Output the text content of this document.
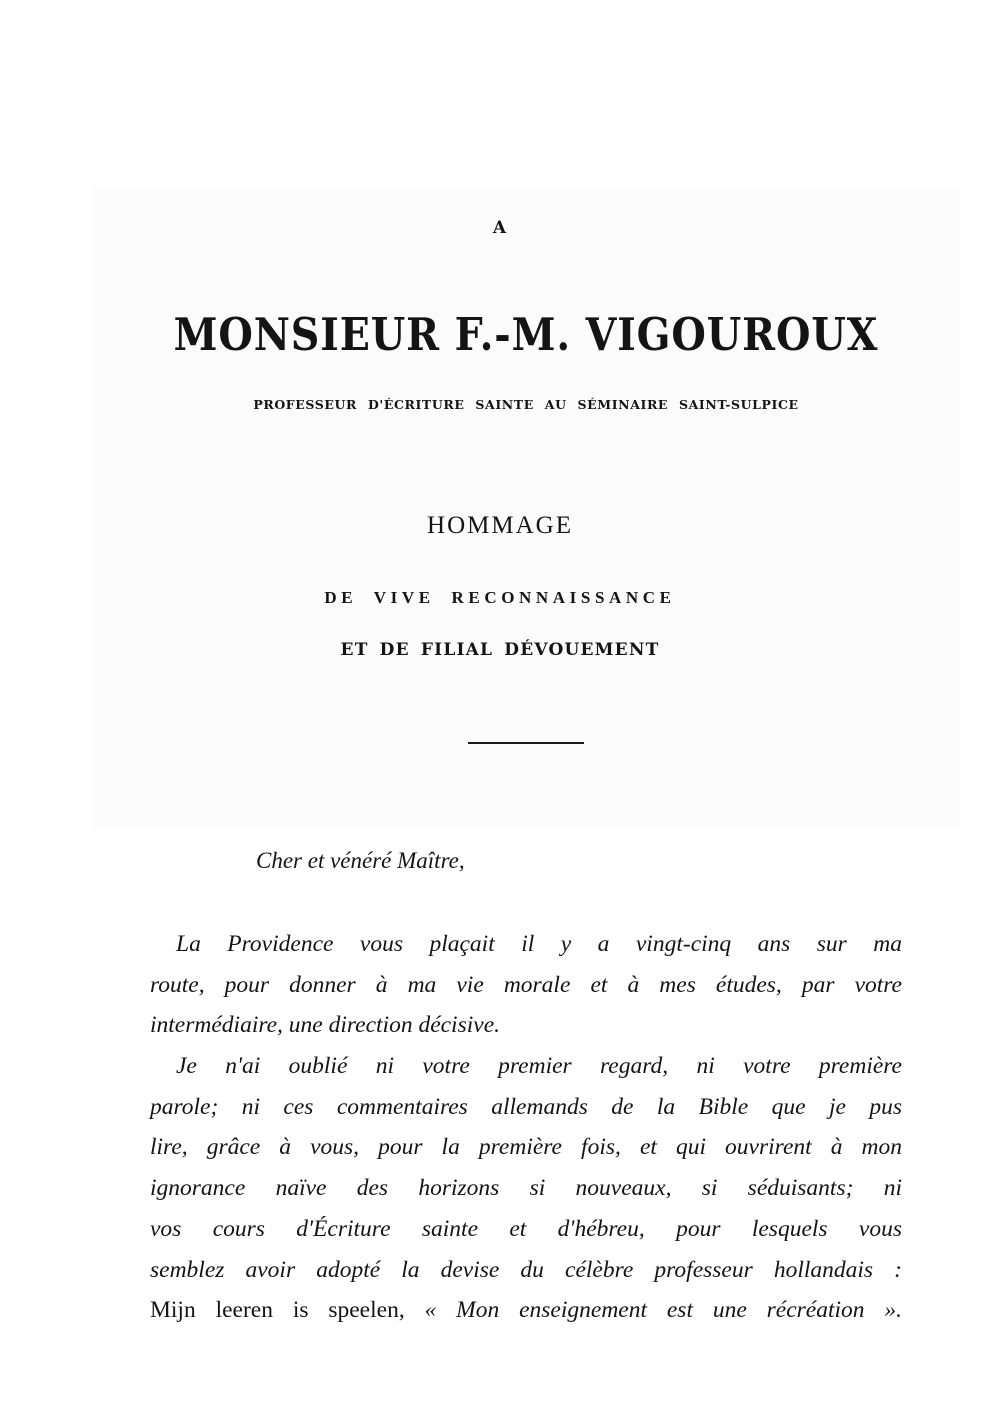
A
MONSIEUR F.-M. VIGOUROUX
PROFESSEUR D'ÉCRITURE SAINTE AU SÉMINAIRE SAINT-SULPICE
HOMMAGE
DE VIVE RECONNAISSANCE
ET DE FILIAL DÉVOUEMENT
Cher et vénéré Maître,
La Providence vous plaçait il y a vingt-cinq ans sur ma
route, pour donner à ma vie morale et à mes études, par votre
intermédiaire, une direction décisive.
Je n'ai oublié ni votre premier regard, ni votre première
parole; ni ces commentaires allemands de la Bible que je pus
lire, grâce à vous, pour la première fois, et qui ouvrirent à mon
ignorance naïve des horizons si nouveaux, si séduisants; ni
vos cours d'Écriture sainte et d'hébreu, pour lesquels vous
semblez avoir adopté la devise du célèbre professeur hollandais :
Mijn leeren is speelen, « Mon enseignement est une récréation ».
